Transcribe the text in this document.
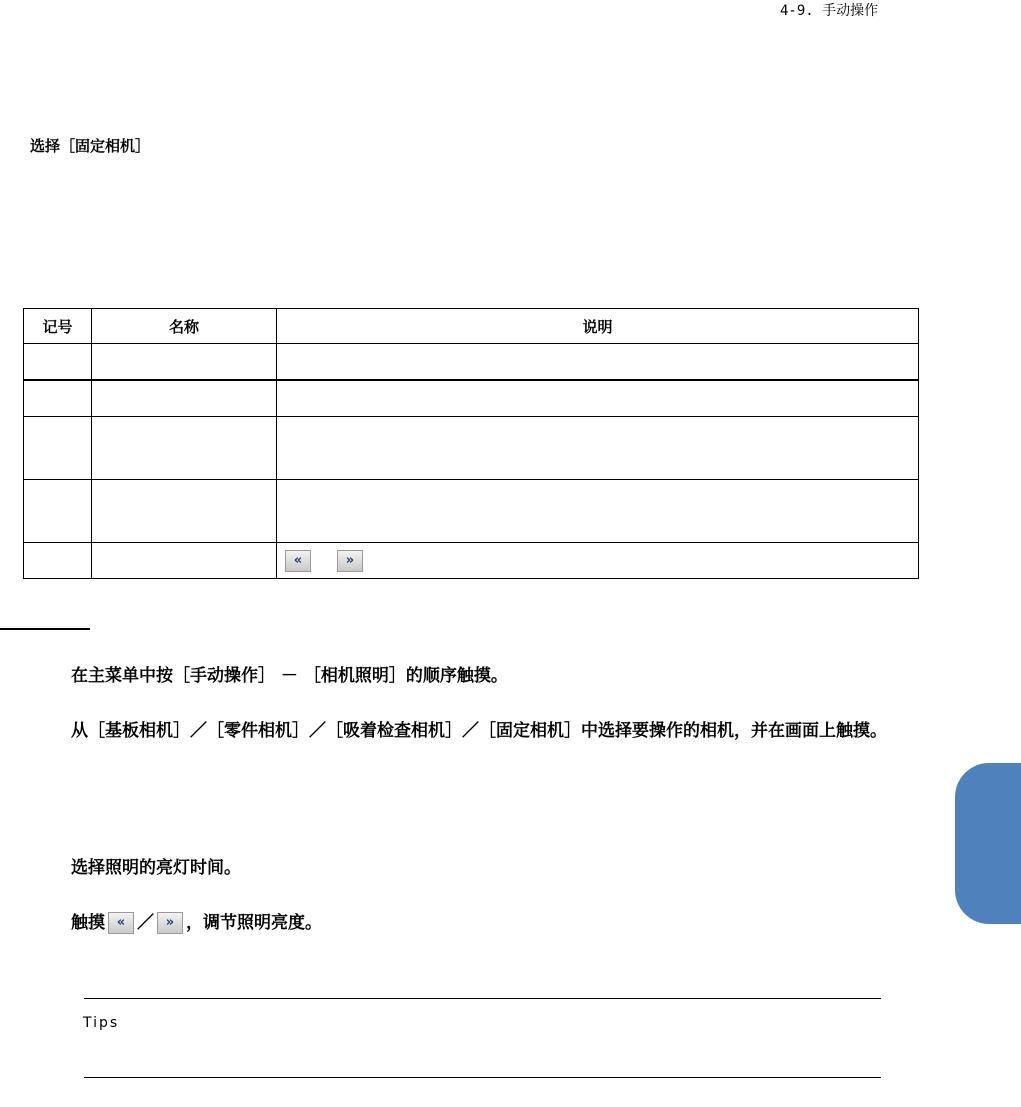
4-9. 手动操作
选择［固定相机］
记号	名称	说明

		« »
在主菜单中按［手动操作］ － ［相机照明］的顺序触摸。
从［基板相机］／［零件相机］／［吸着检查相机］／［固定相机］中选择要操作的相机，并在画面上触摸。
选择照明的亮灯时间。
触摸 « ／ » ，调节照明亮度。
Tips
